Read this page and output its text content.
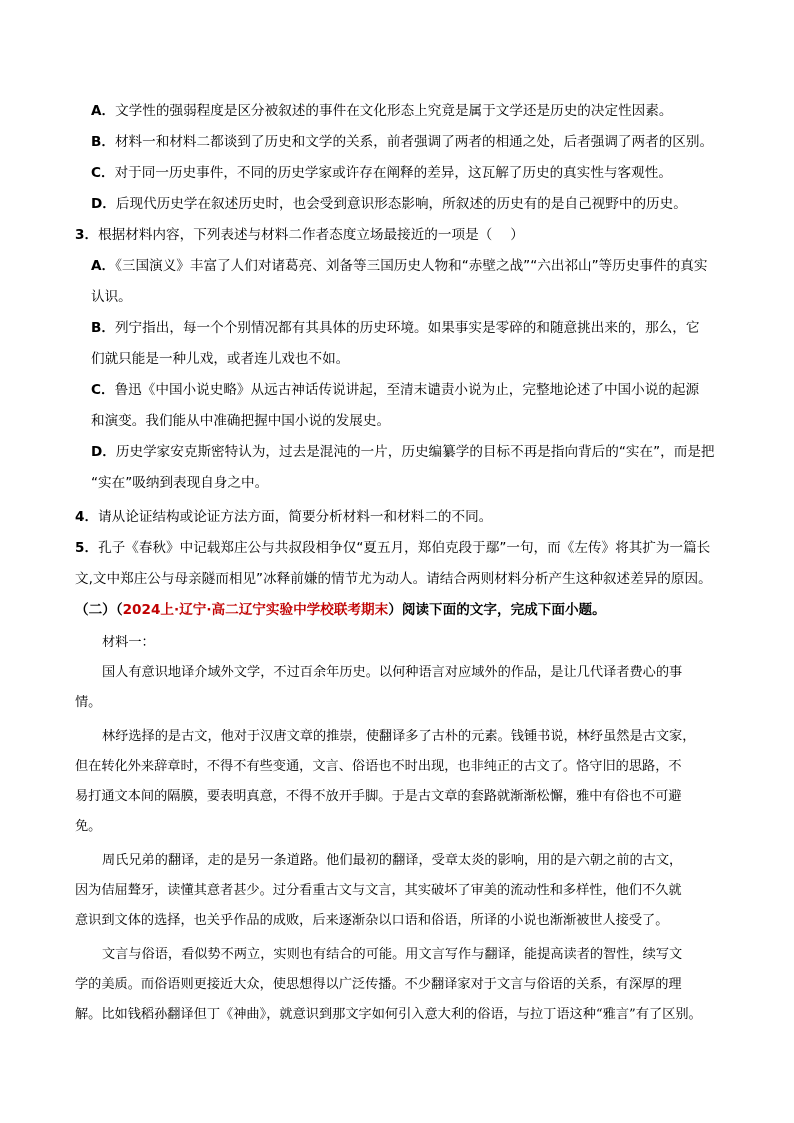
A．文学性的强弱程度是区分被叙述的事件在文化形态上究竟是属于文学还是历史的决定性因素。
B．材料一和材料二都谈到了历史和文学的关系，前者强调了两者的相通之处，后者强调了两者的区别。
C．对于同一历史事件，不同的历史学家或许存在阐释的差异，这瓦解了历史的真实性与客观性。
D．后现代历史学在叙述历史时，也会受到意识形态影响，所叙述的历史有的是自己视野中的历史。
3．根据材料内容，下列表述与材料二作者态度立场最接近的一项是（　 ）
A．《三国演义》丰富了人们对诸葛亮、刘备等三国历史人物和“赤壁之战”“六出祁山”等历史事件的真实
认识。
B．列宁指出，每一个个别情况都有其具体的历史环境。如果事实是零碎的和随意挑出来的，那么，它
们就只能是一种儿戏，或者连儿戏也不如。
C．鲁迅《中国小说史略》从远古神话传说讲起，至清末谴责小说为止，完整地论述了中国小说的起源
和演变。我们能从中准确把握中国小说的发展史。
D．历史学家安克斯密特认为，过去是混沌的一片，历史编纂学的目标不再是指向背后的“实在”，而是把
“实在”吸纳到表现自身之中。
4．请从论证结构或论证方法方面，简要分析材料一和材料二的不同。
5．孔子《春秋》中记载郑庄公与共叔段相争仅“夏五月，郑伯克段于鄢”一句，而《左传》将其扩为一篇长
文,文中郑庄公与母亲隧而相见”冰释前嫌的情节尤为动人。请结合两则材料分析产生这种叙述差异的原因。
（二）（2024上·辽宁·高二辽宁实验中学校联考期末）阅读下面的文字，完成下面小题。
材料一：
国人有意识地译介域外文学，不过百余年历史。以何种语言对应域外的作品，是让几代译者费心的事
情。
林纾选择的是古文，他对于汉唐文章的推崇，使翻译多了古朴的元素。钱锺书说，林纾虽然是古文家，
但在转化外来辞章时，不得不有些变通，文言、俗语也不时出现，也非纯正的古文了。恪守旧的思路，不
易打通文本间的隔膜，要表明真意，不得不放开手脚。于是古文章的套路就渐渐松懈，雅中有俗也不可避
免。
周氏兄弟的翻译，走的是另一条道路。他们最初的翻译，受章太炎的影响，用的是六朝之前的古文，
因为佶屈聱牙，读懂其意者甚少。过分看重古文与文言，其实破坏了审美的流动性和多样性，他们不久就
意识到文体的选择，也关乎作品的成败，后来逐渐杂以口语和俗语，所译的小说也渐渐被世人接受了。
文言与俗语，看似势不两立，实则也有结合的可能。用文言写作与翻译，能提高读者的智性，续写文
学的美质。而俗语则更接近大众，使思想得以广泛传播。不少翻译家对于文言与俗语的关系，有深厚的理
解。比如钱稻孙翻译但丁《神曲》，就意识到那文字如何引入意大利的俗语，与拉丁语这种“雅言”有了区别。
